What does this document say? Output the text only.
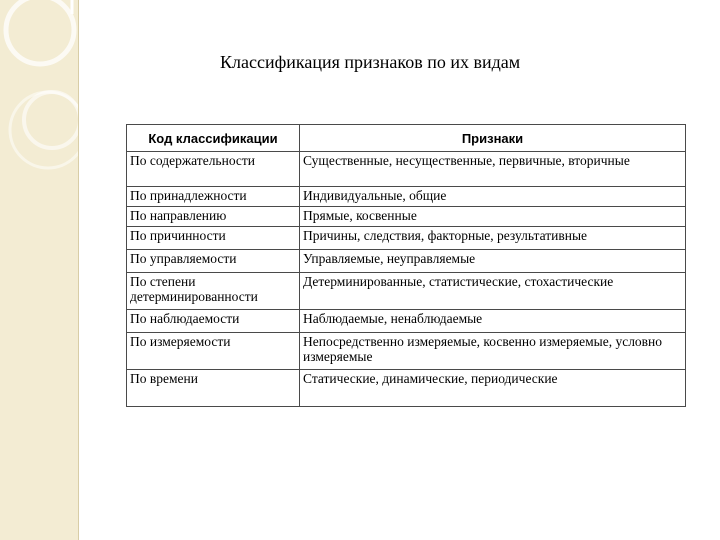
Классификация признаков по их видам
Код классификации	Признаки
По содержательности	Существенные, несущественные, первичные, вторичные
По принадлежности	Индивидуальные, общие
По направлению	Прямые, косвенные
По причинности	Причины, следствия, факторные, результативные
По управляемости	Управляемые, неуправляемые
По степени детерминированности	Детерминированные, статистические, стохастические
По наблюдаемости	Наблюдаемые, ненаблюдаемые
По измеряемости	Непосредственно измеряемые, косвенно измеряемые, условно измеряемые
По времени	Статические, динамические, периодические
